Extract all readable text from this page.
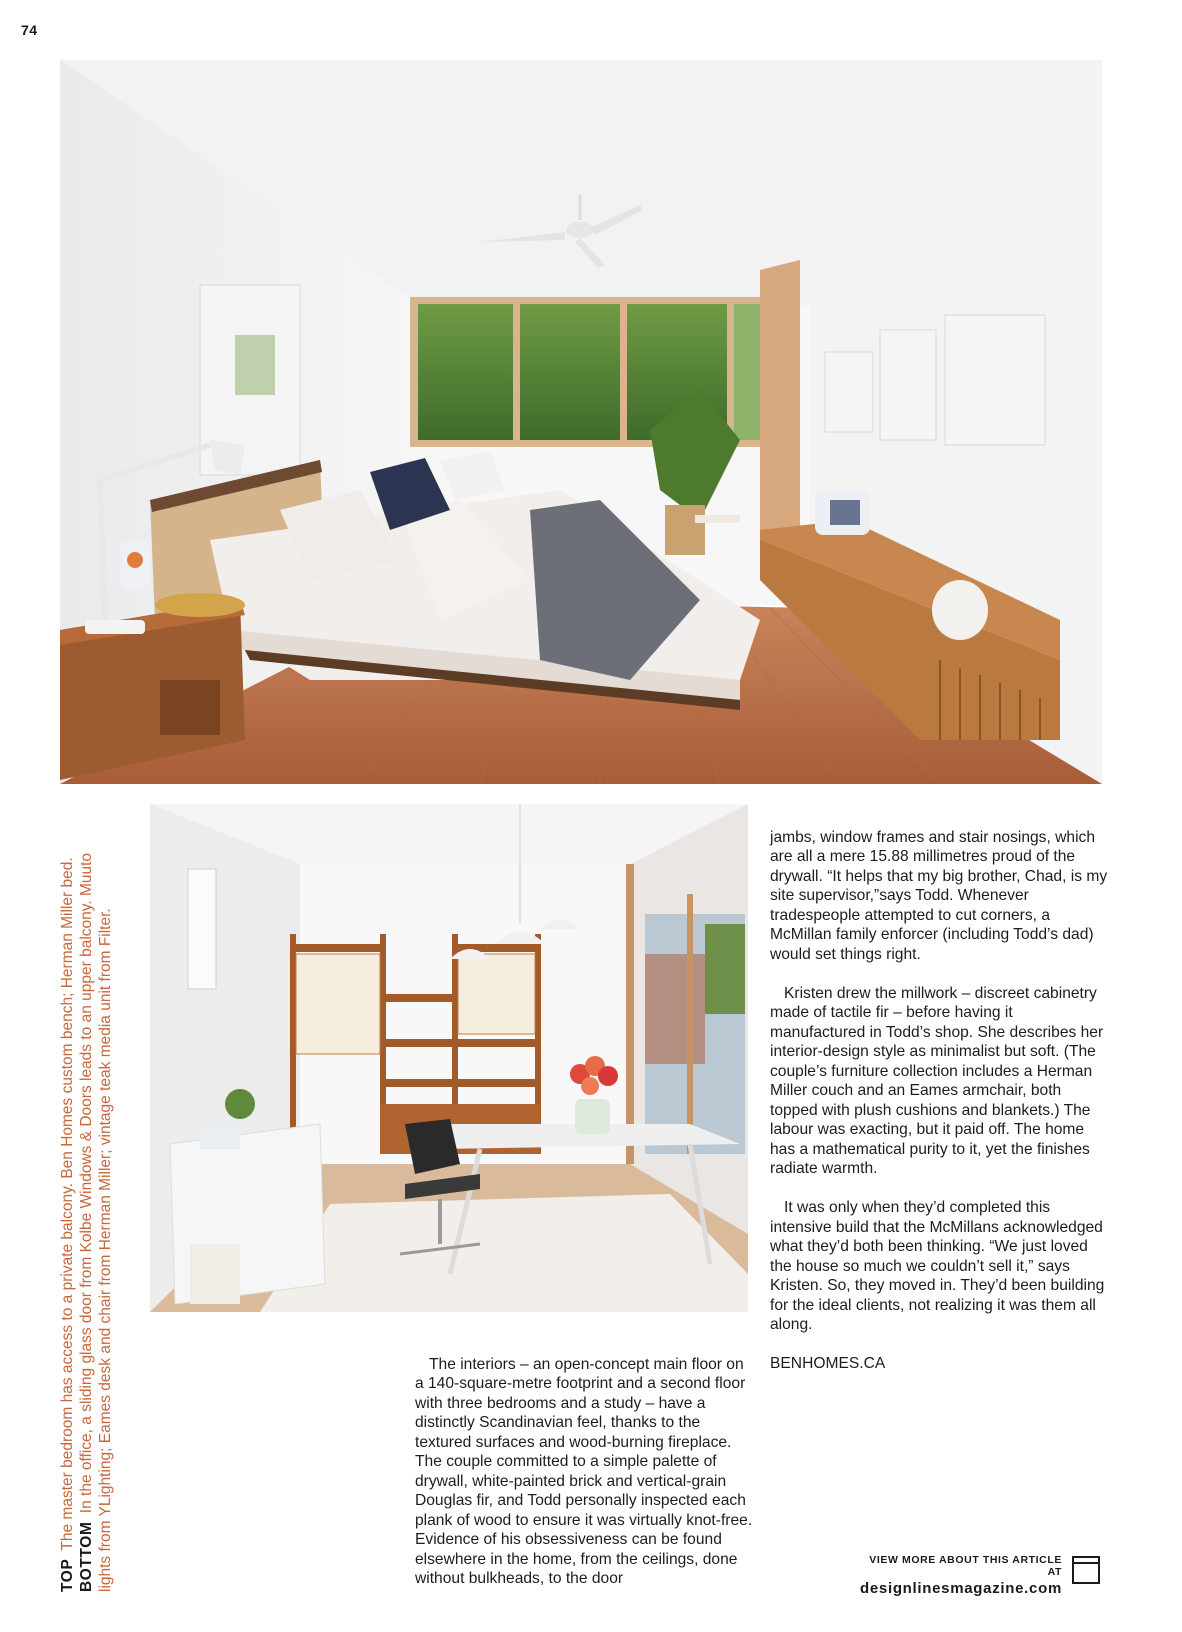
74
TOP The master bedroom has access to a private balcony. Ben Homes custom bench; Herman Miller bed.
BOTTOM In the office, a sliding glass door from Kolbe Windows & Doors leads to an upper balcony. Muuto lights from YLighting; Eames desk and chair from Herman Miller; vintage teak media unit from Filter.

jambs, window frames and stair nosings, which are all a mere 15.88 millimetres proud of the drywall. “It helps that my big brother, Chad, is my site supervisor,”says Todd. Whenever tradespeople attempted to cut corners, a McMillan family enforcer (including Todd’s dad) would set things right.

Kristen drew the millwork – discreet cabinetry made of tactile fir – before having it manufactured in Todd’s shop. She describes her interior-design style as minimalist but soft. (The couple’s furniture collection includes a Herman Miller couch and an Eames armchair, both topped with plush cushions and blankets.) The labour was exacting, but it paid off. The home has a mathematical purity to it, yet the finishes radiate warmth.

It was only when they’d completed this intensive build that the McMillans acknowledged what they’d both been thinking. “We just loved the house so much we couldn’t sell it,” says Kristen. So, they moved in. They’d been building for the ideal clients, not realizing it was them all along.

BENHOMES.CA

The interiors – an open-concept main floor on a 140-square-metre footprint and a second floor with three bedrooms and a study – have a distinctly Scandinavian feel, thanks to the textured surfaces and wood-burning fireplace. The couple committed to a simple palette of drywall, white-painted brick and vertical-grain Douglas fir, and Todd personally inspected each plank of wood to ensure it was virtually knot-free. Evidence of his obsessiveness can be found elsewhere in the home, from the ceilings, done without bulkheads, to the door

VIEW MORE ABOUT THIS ARTICLE AT
designlinesmagazine.com
